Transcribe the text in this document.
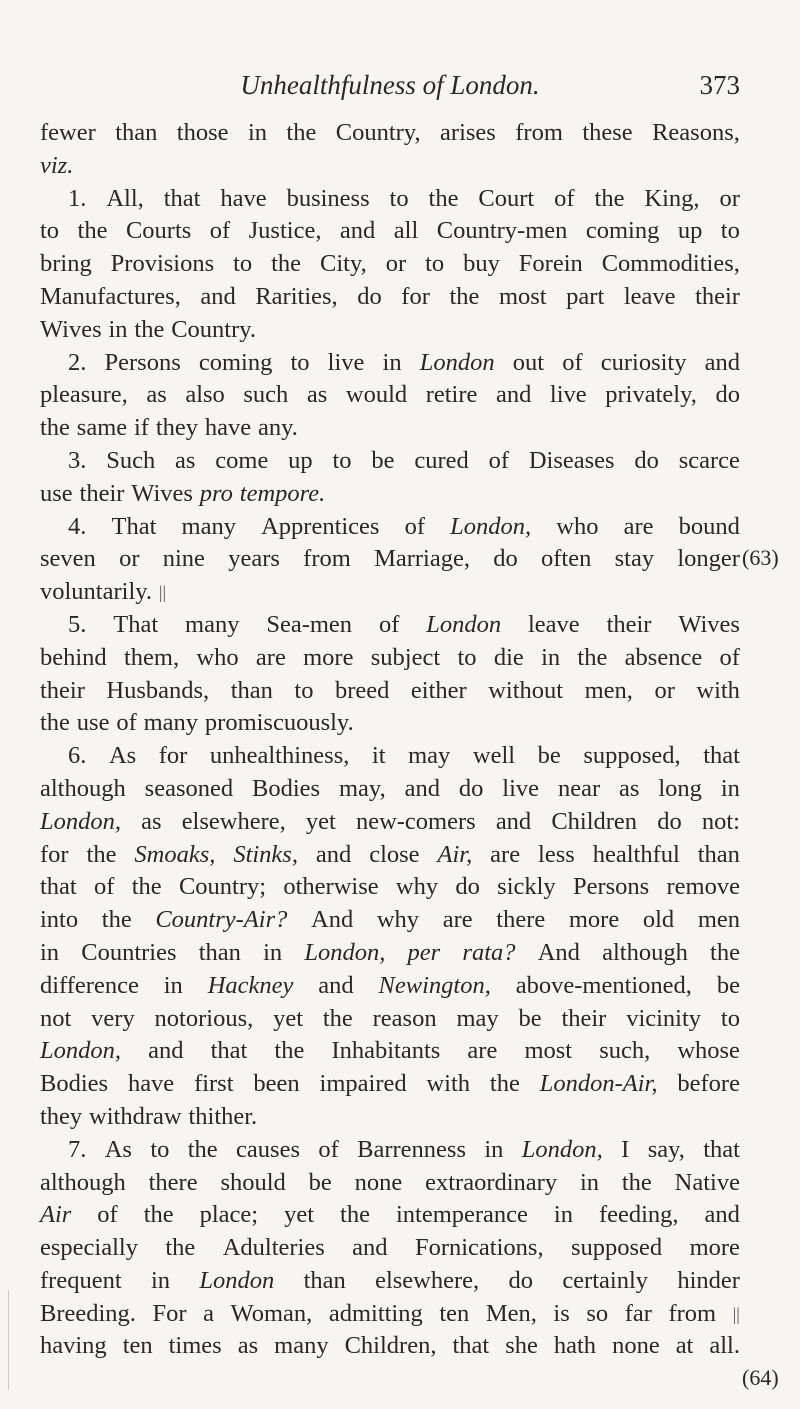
Unhealthfulness of London.	373
fewer than those in the Country, arises from these Reasons,
viz.
1. All, that have business to the Court of the King, or
to the Courts of Justice, and all Country-men coming up to
bring Provisions to the City, or to buy Forein Commodities,
Manufactures, and Rarities, do for the most part leave their
Wives in the Country.
2. Persons coming to live in London out of curiosity and
pleasure, as also such as would retire and live privately, do
the same if they have any.
3. Such as come up to be cured of Diseases do scarce
use their Wives pro tempore.
4. That many Apprentices of London, who are bound
seven or nine years from Marriage, do often stay longer
voluntarily. ||
5. That many Sea-men of London leave their Wives
behind them, who are more subject to die in the absence of
their Husbands, than to breed either without men, or with
the use of many promiscuously.
6. As for unhealthiness, it may well be supposed, that
although seasoned Bodies may, and do live near as long in
London, as elsewhere, yet new-comers and Children do not:
for the Smoaks, Stinks, and close Air, are less healthful than
that of the Country; otherwise why do sickly Persons remove
into the Country-Air? And why are there more old men
in Countries than in London, per rata? And although the
difference in Hackney and Newington, above-mentioned, be
not very notorious, yet the reason may be their vicinity to
London, and that the Inhabitants are most such, whose
Bodies have first been impaired with the London-Air, before
they withdraw thither.
7. As to the causes of Barrenness in London, I say, that
although there should be none extraordinary in the Native
Air of the place; yet the intemperance in feeding, and
especially the Adulteries and Fornications, supposed more
frequent in London than elsewhere, do certainly hinder
Breeding. For a Woman, admitting ten Men, is so far from ||
having ten times as many Children, that she hath none at all.
(63)
(64)
